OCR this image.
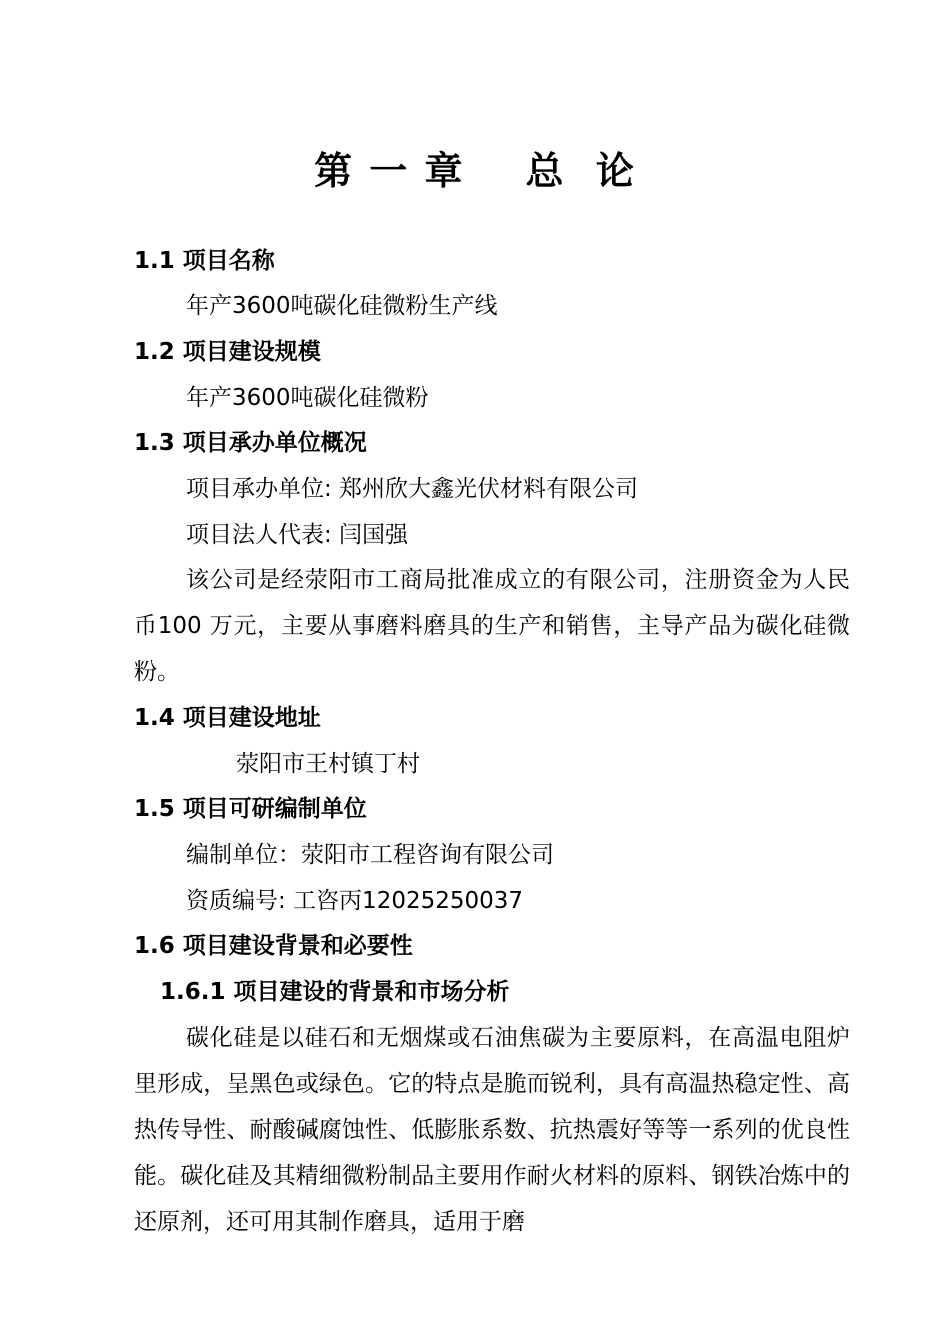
第 一 章    总  论
1.1 项目名称
年产3600吨碳化硅微粉生产线
1.2 项目建设规模
年产3600吨碳化硅微粉
1.3 项目承办单位概况
项目承办单位: 郑州欣大鑫光伏材料有限公司
项目法人代表: 闫国强
该公司是经荥阳市工商局批准成立的有限公司，注册资金为人民币100 万元，主要从事磨料磨具的生产和销售，主导产品为碳化硅微粉。
1.4 项目建设地址
荥阳市王村镇丁村
1.5 项目可研编制单位
编制单位：荥阳市工程咨询有限公司
资质编号: 工咨丙12025250037
1.6 项目建设背景和必要性
1.6.1 项目建设的背景和市场分析
碳化硅是以硅石和无烟煤或石油焦碳为主要原料，在高温电阻炉里形成，呈黑色或绿色。它的特点是脆而锐利，具有高温热稳定性、高热传导性、耐酸碱腐蚀性、低膨胀系数、抗热震好等等一系列的优良性能。碳化硅及其精细微粉制品主要用作耐火材料的原料、钢铁冶炼中的还原剂，还可用其制作磨具，适用于磨
